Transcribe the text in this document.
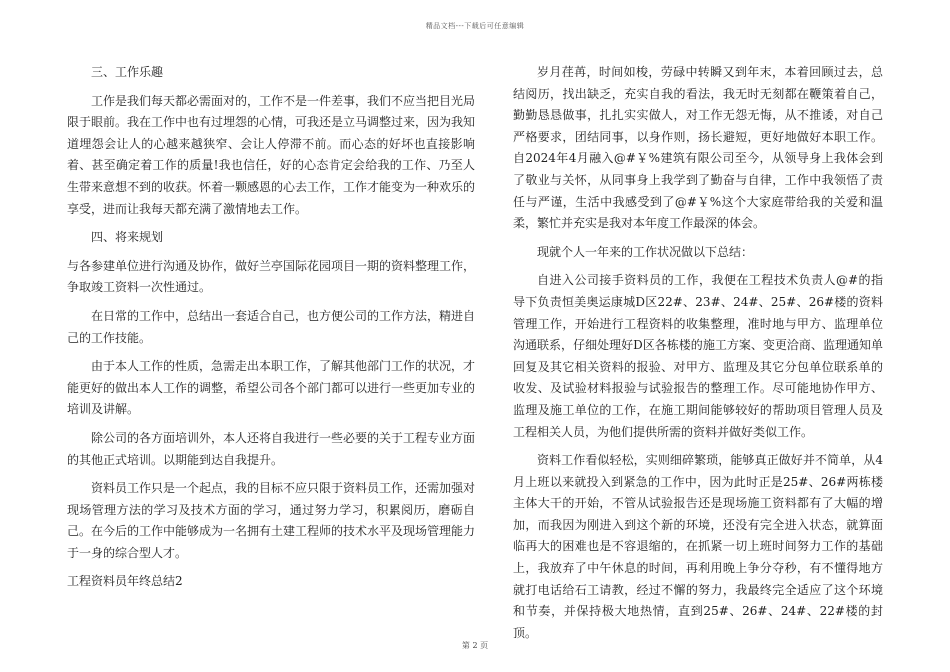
精品文档---下载后可任意编辑

三、工作乐趣

工作是我们每天都必需面对的，工作不是一件差事，我们不应当把目光局限于眼前。我在工作中也有过埋怨的心情，可我还是立马调整过来，因为我知道埋怨会让人的心越来越狭窄、会让人停滞不前。而心态的好坏也直接影响着、甚至确定着工作的质量!我也信任，好的心态肯定会给我的工作、乃至人生带来意想不到的收获。怀着一颗感恩的心去工作，工作才能变为一种欢乐的享受，进而让我每天都充满了激情地去工作。

四、将来规划

与各参建单位进行沟通及协作，做好兰亭国际花园项目一期的资料整理工作，争取竣工资料一次性通过。

在日常的工作中，总结出一套适合自己，也方便公司的工作方法，精进自己的工作技能。

由于本人工作的性质，急需走出本职工作，了解其他部门工作的状况，才能更好的做出本人工作的调整，希望公司各个部门都可以进行一些更加专业的培训及讲解。

除公司的各方面培训外，本人还将自我进行一些必要的关于工程专业方面的其他正式培训。以期能到达自我提升。

资料员工作只是一个起点，我的目标不应只限于资料员工作，还需加强对现场管理方法的学习及技术方面的学习，通过努力学习，积累阅历，磨砺自己。在今后的工作中能够成为一名拥有土建工程师的技术水平及现场管理能力于一身的综合型人才。

工程资料员年终总结2

岁月荏苒，时间如梭，劳碌中转瞬又到年末，本着回顾过去，总结阅历，找出缺乏，充实自我的看法，我无时无刻都在鞭策着自己，勤勤恳恳做事，扎扎实实做人，对工作无怨无悔，从不推诿，对自己严格要求，团结同事，以身作则，扬长避短，更好地做好本职工作。自2024年4月融入@#￥%建筑有限公司至今，从领导身上我体会到了敬业与关怀，从同事身上我学到了勤奋与自律，工作中我领悟了责任与严谨，生活中我感受到了@#￥%这个大家庭带给我的关爱和温柔，繁忙并充实是我对本年度工作最深的体会。

现就个人一年来的工作状况做以下总结：

自进入公司接手资料员的工作，我便在工程技术负责人@#的指导下负责恒美奥运康城D区22#、23#、24#、25#、26#楼的资料管理工作，开始进行工程资料的收集整理，准时地与甲方、监理单位沟通联系，仔细处理好D区各栋楼的施工方案、变更洽商、监理通知单回复及其它相关资料的报验、对甲方、监理及其它分包单位联系单的收发、及试验材料报验与试验报告的整理工作。尽可能地协作甲方、监理及施工单位的工作，在施工期间能够较好的帮助项目管理人员及工程相关人员，为他们提供所需的资料并做好类似工作。

资料工作看似轻松，实则细碎繁琐，能够真正做好并不简单，从4月上班以来就投入到紧急的工作中，因为此时正是25#、26#两栋楼主体大干的开始，不管从试验报告还是现场施工资料都有了大幅的增加，而我因为刚进入到这个新的环境，还没有完全进入状态，就算面临再大的困难也是不容退缩的，在抓紧一切上班时间努力工作的基础上，我放弃了中午休息的时间，再利用晚上争分夺秒，有不懂得地方就打电话给石工请教，经过不懈的努力，我最终完全适应了这个环境和节奏，并保持极大地热情，直到25#、26#、24#、22#楼的封顶。

第 2 页
